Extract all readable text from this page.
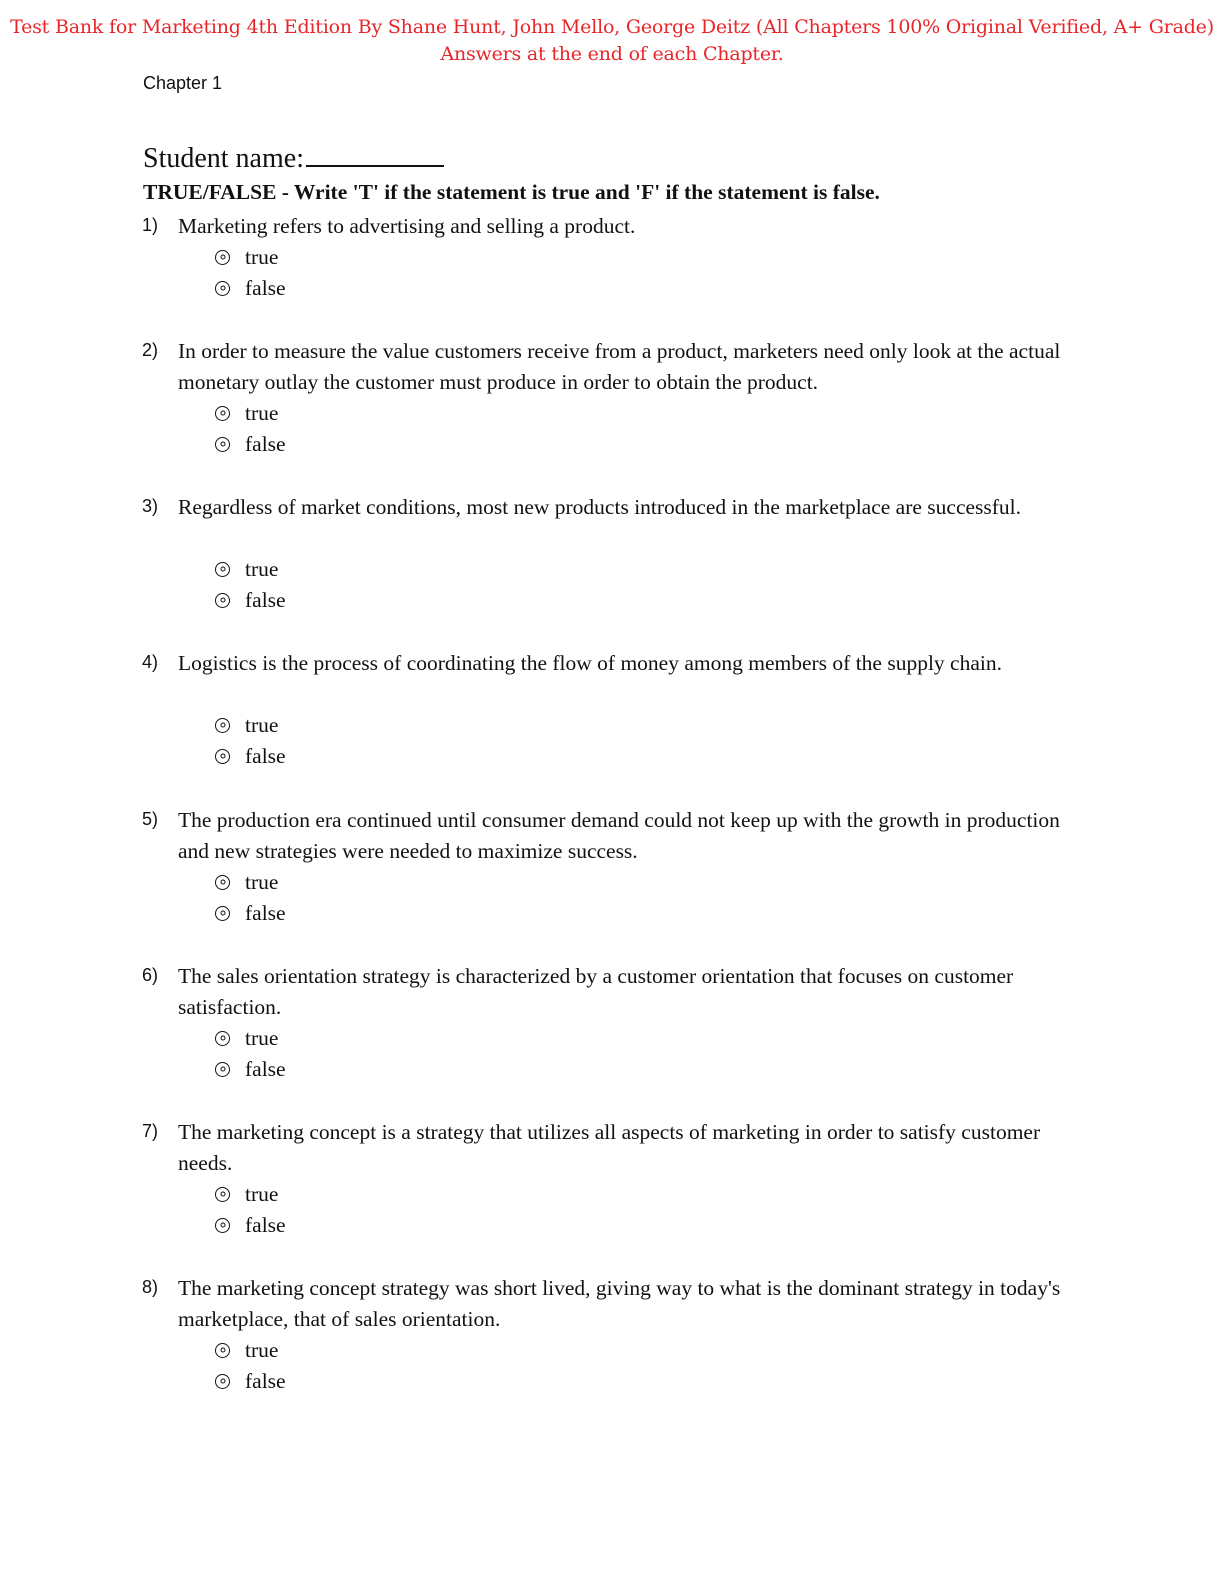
Test Bank for Marketing 4th Edition By Shane Hunt, John Mello, George Deitz (All Chapters 100% Original Verified, A+ Grade)
Answers at the end of each Chapter.
Chapter 1
Student name:
TRUE/FALSE - Write 'T' if the statement is true and 'F' if the statement is false.
1) Marketing refers to advertising and selling a product.
true
false
2) In order to measure the value customers receive from a product, marketers need only look at the actual monetary outlay the customer must produce in order to obtain the product.
true
false
3) Regardless of market conditions, most new products introduced in the marketplace are successful.
true
false
4) Logistics is the process of coordinating the flow of money among members of the supply chain.
true
false
5) The production era continued until consumer demand could not keep up with the growth in production and new strategies were needed to maximize success.
true
false
6) The sales orientation strategy is characterized by a customer orientation that focuses on customer satisfaction.
true
false
7) The marketing concept is a strategy that utilizes all aspects of marketing in order to satisfy customer needs.
true
false
8) The marketing concept strategy was short lived, giving way to what is the dominant strategy in today's marketplace, that of sales orientation.
true
false
